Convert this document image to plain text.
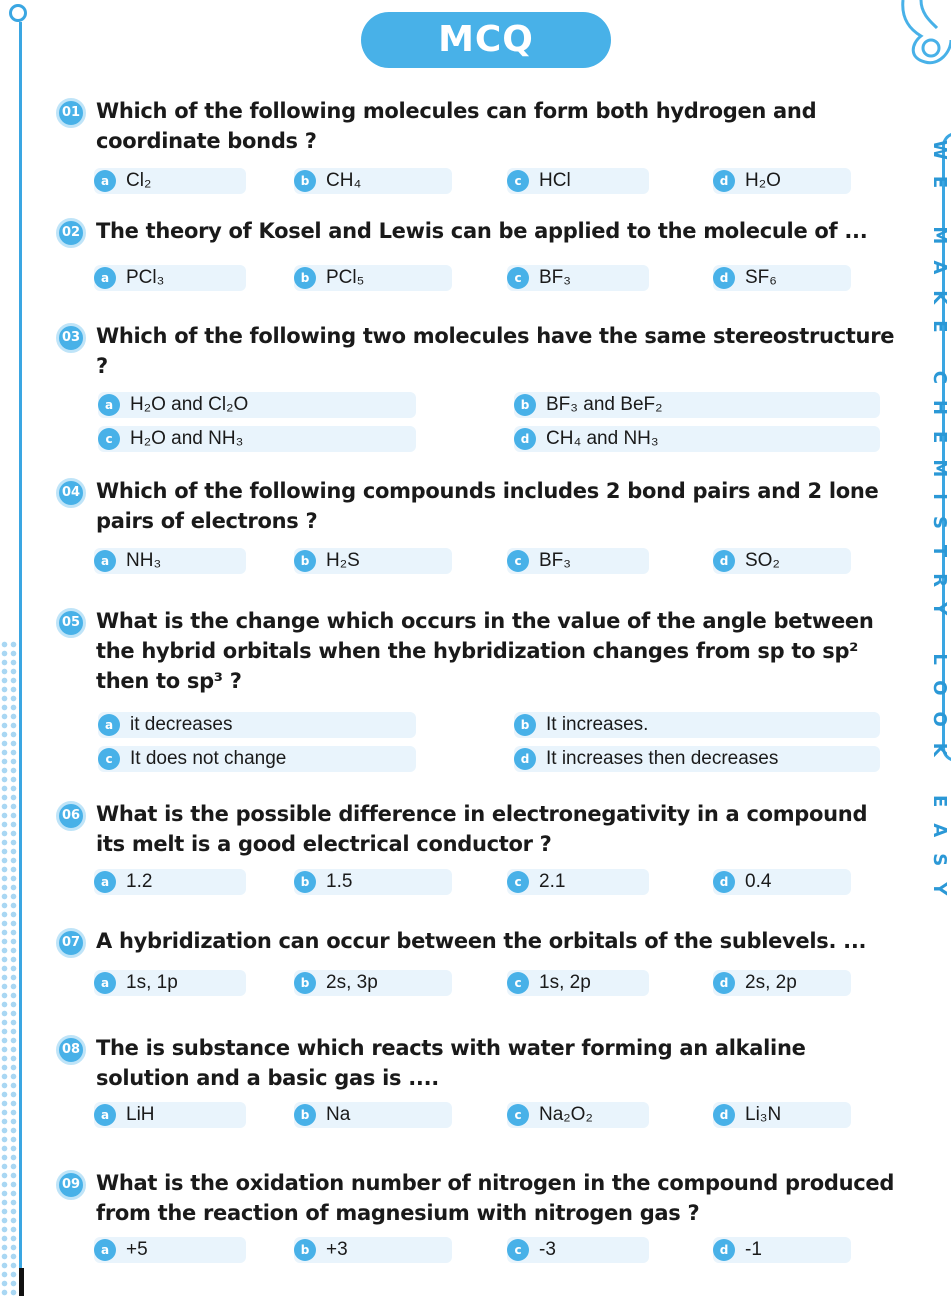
WE MAKE CHEMISTRY LOOK EASY
MCQ
01 Which of the following molecules can form both hydrogen and coordinate bonds ?
a Cl₂	b CH₄	c HCl	d H₂O
02 The theory of Kosel and Lewis can be applied to the molecule of ...
a PCl₃	b PCl₅	c BF₃	d SF₆
03 Which of the following two molecules have the same stereostructure ?
a H₂O and Cl₂O	b BF₃ and BeF₂
c H₂O and NH₃	d CH₄ and NH₃
04 Which of the following compounds includes 2 bond pairs and 2 lone pairs of electrons ?
a NH₃	b H₂S	c BF₃	d SO₂
05 What is the change which occurs in the value of the angle between the hybrid orbitals when the hybridization changes from sp to sp² then to sp³ ?
a it decreases	b It increases.
c It does not change	d It increases then decreases
06 What is the possible difference in electronegativity in a compound its melt is a good electrical conductor ?
a 1.2	b 1.5	c 2.1	d 0.4
07 A hybridization can occur between the orbitals of the sublevels. ...
a 1s, 1p	b 2s, 3p	c 1s, 2p	d 2s, 2p
08 The is substance which reacts with water forming an alkaline solution and a basic gas is ....
a LiH	b Na	c Na₂O₂	d Li₃N
09 What is the oxidation number of nitrogen in the compound produced from the reaction of magnesium with nitrogen gas ?
a +5	b +3	c -3	d -1
